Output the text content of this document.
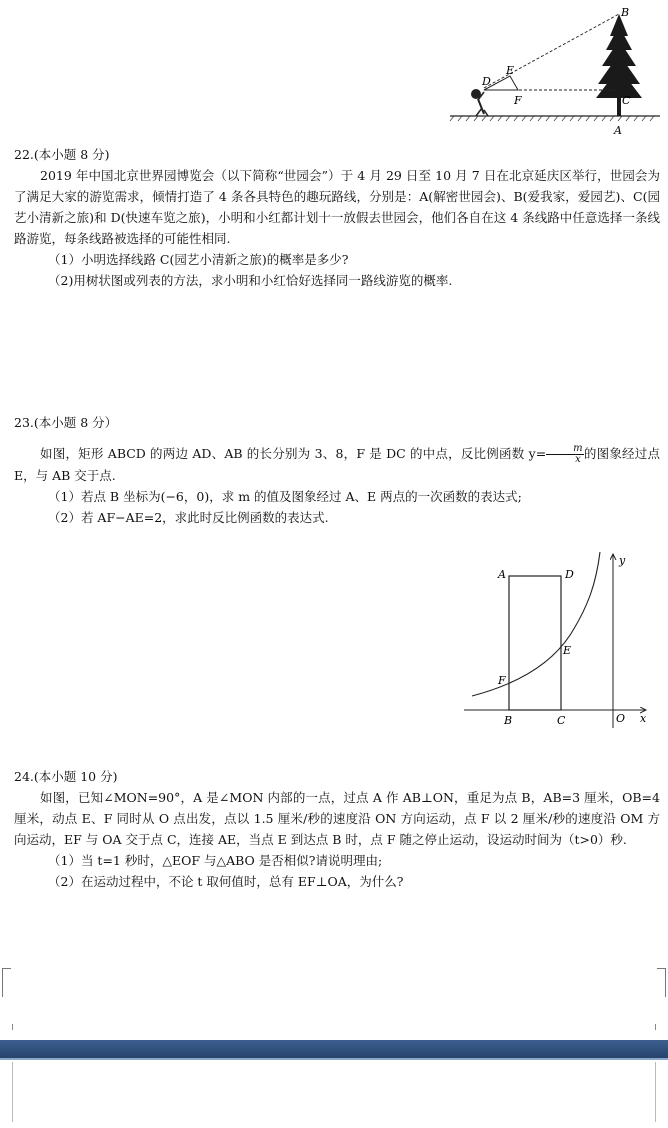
B
E
D
F	C
A
22.(本小题 8 分)

2019 年中国北京世界园博览会（以下简称“世园会”）于 4 月 29 日至 10 月 7 日在北京延庆区举行，世园会为了满足大家的游览需求，倾情打造了 4 条各具特色的趣玩路线，分别是：A(解密世园会)、B(爱我家，爱园艺)、C(园艺小清新之旅)和 D(快速车览之旅)，小明和小红都计划十一放假去世园会，他们各自在这 4 条线路中任意选择一条线路游览，每条线路被选择的可能性相同.

（1）小明选择线路 C(园艺小清新之旅)的概率是多少?

（2)用树状图或列表的方法，求小明和小红恰好选择同一路线游览的概率.

23.(本小题 8 分）

如图，矩形 ABCD 的两边 AD、AB 的长分别为 3、8，F 是 DC 的中点，反比例函数 $y= \frac{m}{x}$ 的图象经过点 E，与 AB 交于点.

（1）若点 B 坐标为(−6，0)，求 m 的值及图象经过 A、E 两点的一次函数的表达式;

（2）若 AF−AE=2，求此时反比例函数的表达式.

y
A	D
E
F
B	C	O x
24.(本小题 10 分)

如图，已知∠MON=90°，A 是∠MON 内部的一点，过点 A 作 AB⊥ON，重足为点 B，AB=3 厘米，OB=4 厘米，动点 E、F 同时从 O 点出发，点以 1.5 厘米/秒的速度沿 ON 方向运动，点 F 以 2 厘米/秒的速度沿 OM 方向运动，EF 与 OA 交于点 C，连接 AE，当点 E 到达点 B 时，点 F 随之停止运动，设运动时间为（t>0）秒.

（1）当 t=1 秒时，△EOF 与△ABO 是否相似?请说明理由;

（2）在运动过程中，不论 t 取何值时，总有 EF⊥OA，为什么?
